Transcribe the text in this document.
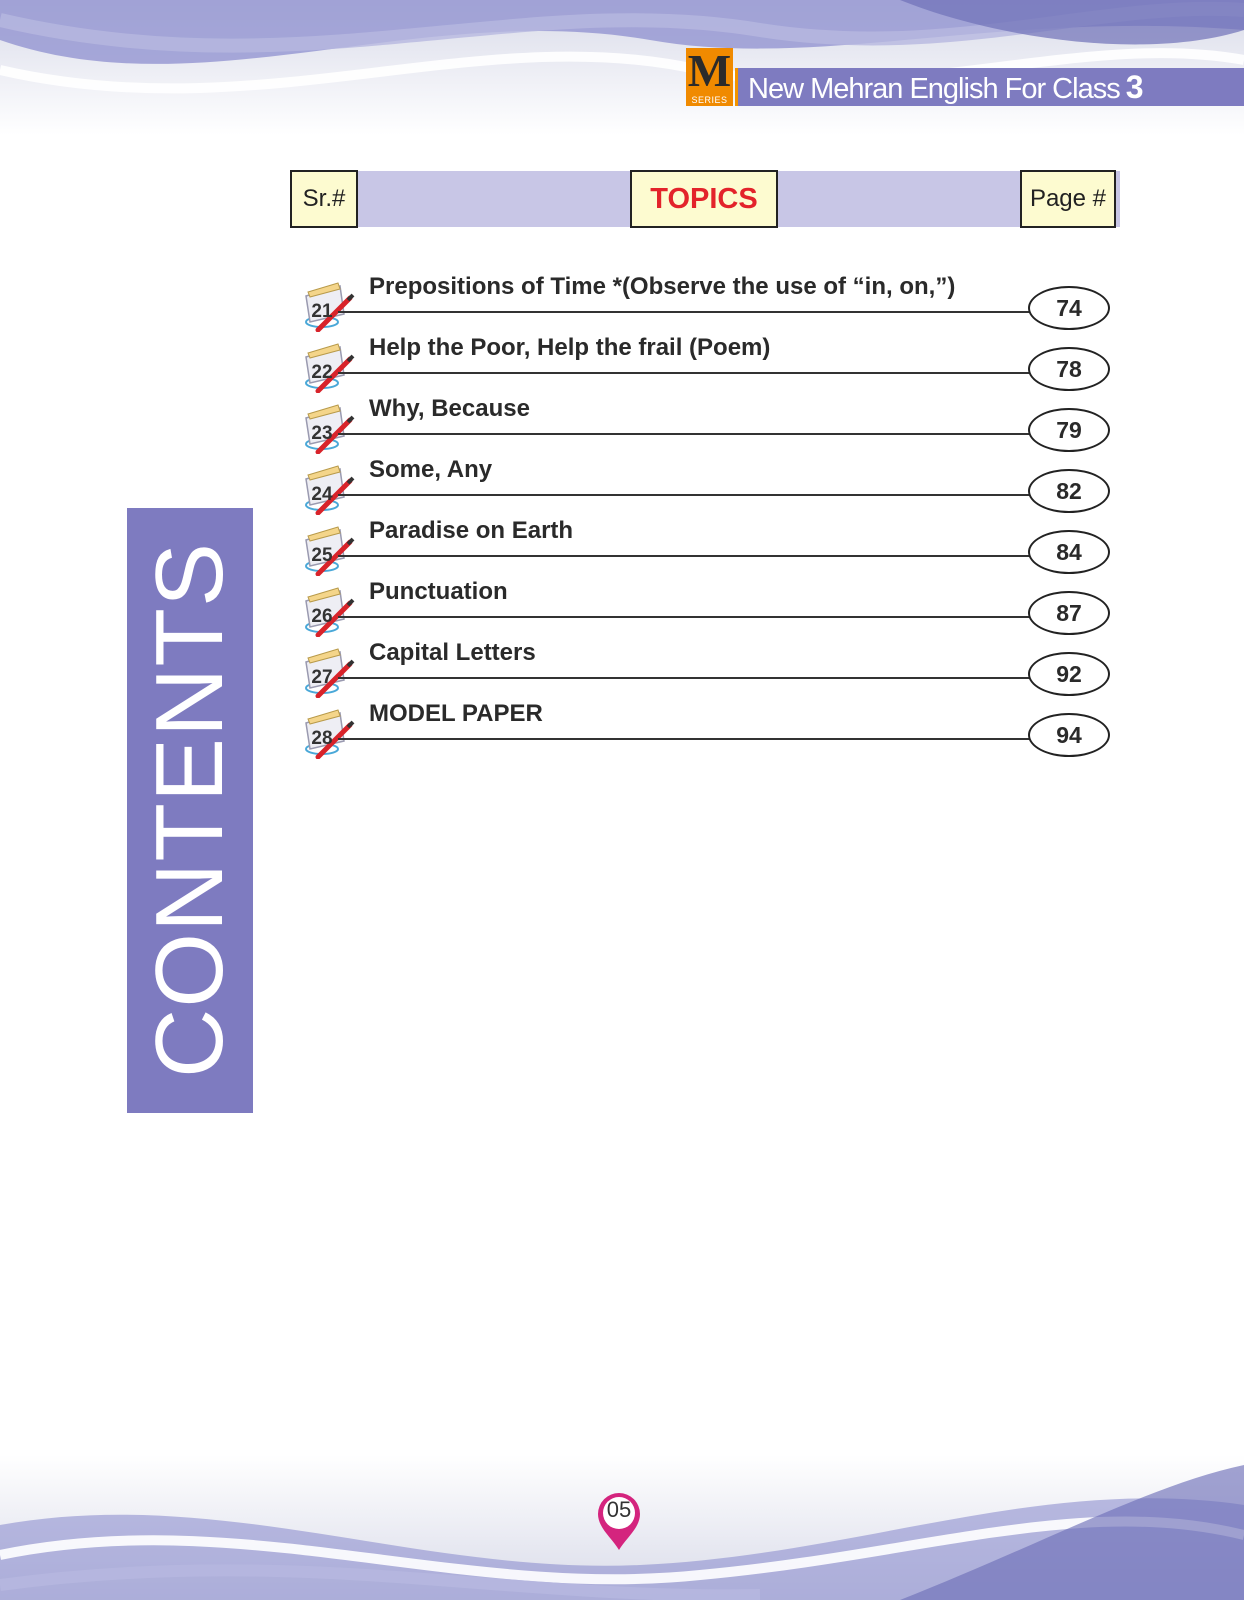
New Mehran English For Class 3
M
SERIES
Sr.#	TOPICS	Page #
21
Prepositions of Time *(Observe the use of “in, on,”)
74
22
Help the Poor, Help the frail (Poem)
78
23
Why, Because
79
24
Some, Any
82
25
Paradise on Earth
84
26
Punctuation
87
27
Capital Letters
92
28
MODEL PAPER
94
CONTENTS
05
